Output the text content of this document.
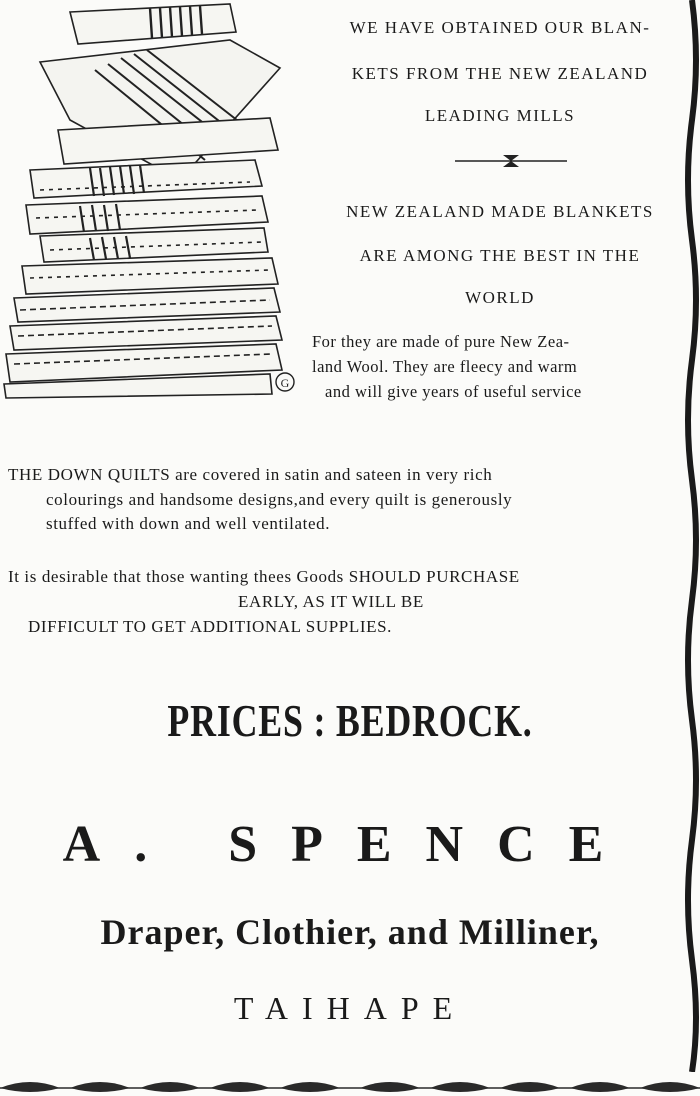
G
WE HAVE OBTAINED OUR BLAN-
KETS FROM THE NEW ZEALAND
LEADING MILLS
NEW ZEALAND MADE BLANKETS
ARE AMONG THE BEST IN THE
WORLD
For they are made of pure New Zea-
land Wool. They are fleecy and warm
and will give years of useful service
THE DOWN QUILTS are covered in satin and sateen in very rich
colourings and handsome designs,and every quilt is generously
stuffed with down and well ventilated.
It is desirable that those wanting thees Goods SHOULD PURCHASE
EARLY, AS IT WILL BE
DIFFICULT TO GET ADDITIONAL SUPPLIES.
PRICES : BEDROCK.
A. SPENCE
Draper, Clothier, and Milliner,
TAIHAPE
